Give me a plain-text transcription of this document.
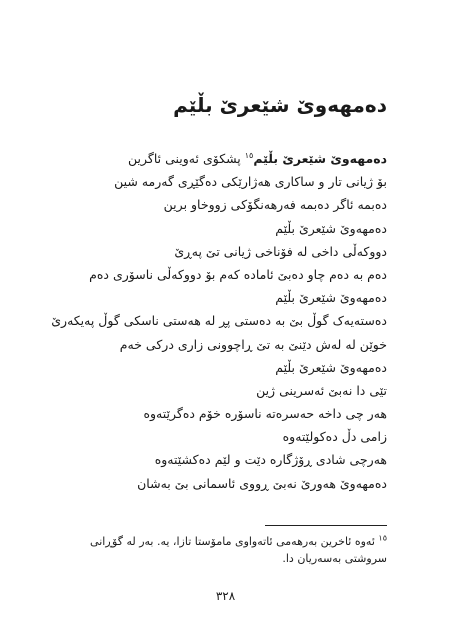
دەمهەوێ شێعرێ بڵێم
دەمهەوێ شێعرێ بڵێم$^{١٥}$ پشکۆی ئەوینی ئاگرین
بۆ ژیانی تار و ساکاری هەژارێکی دەگێڕی گەرمە شین
دەبمە ئاگر دەبمە فەرهەنگۆکی زووخاو برین
دەمهەوێ شێعرێ بڵێم
دووکەڵی داخی لە فۆناخی ژیانی تێ پەڕێ
دەم بە دەم چاو دەبێ ئامادە کەم بۆ دووکەڵی ناسۆری دەم
دەمهەوێ شێعرێ بڵێم
دەستەیەک گوڵ بێ بە دەستی پڕ لە هەستی ناسکی گوڵ پەیکەرێ
خوێن لە لەش دێنێ بە تێ ڕاچوونی زاری درکی خەم
دەمهەوێ شێعرێ بڵێم
تێی دا نەبێ ئەسرینی ژین
هەر چی داخە حەسرەتە ناسۆرە خۆم دەگرێتەوە
زامی دڵ دەکولێتەوە
هەرچی شادی ڕۆژگارە دێت و لێم دەکشێتەوە
دەمهەوێ هەورێ نەبێ ڕووی ئاسمانی بێ بەشان
$^{١٥}$ ئەوە ئاخرین بەرهەمی ئاتەواوی مامۆستا تازا، یە. بەر لە گۆڕانی سروشتی بەسەریان دا.
٣٢٨
